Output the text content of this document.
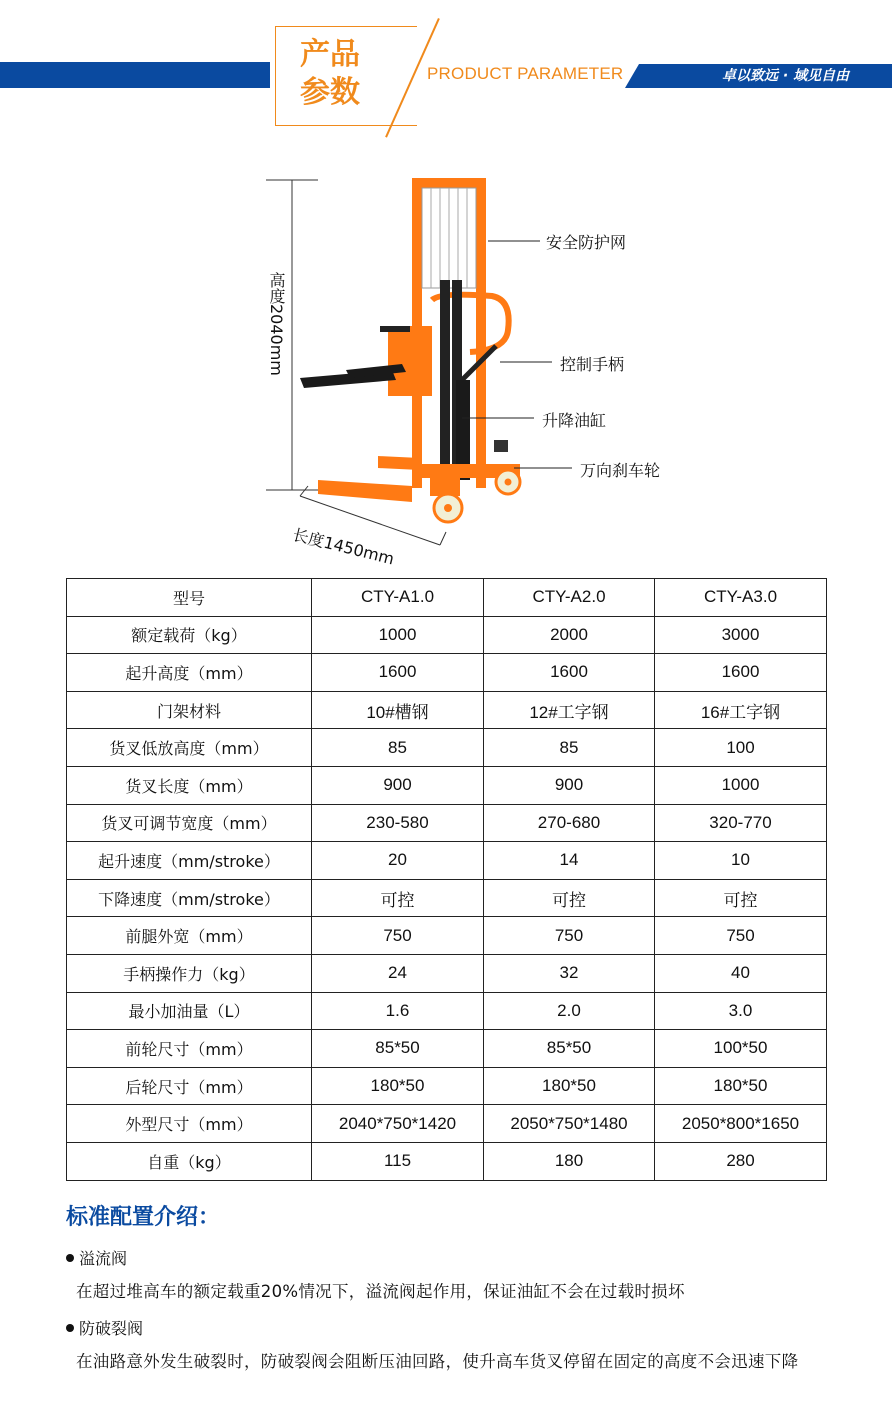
产品
参数
PRODUCT PARAMETER	卓以致远 · 域见自由
高度2040mm
长度1450mm
安全防护网
控制手柄
升降油缸
万向刹车轮
型号	CTY-A1.0	CTY-A2.0	CTY-A3.0
额定载荷（kg）	1000	2000	3000
起升高度（mm）	1600	1600	1600
门架材料	10#槽钢	12#工字钢	16#工字钢
货叉低放高度（mm）	85	85	100
货叉长度（mm）	900	900	1000
货叉可调节宽度（mm）	230-580	270-680	320-770
起升速度（mm/stroke）	20	14	10
下降速度（mm/stroke）	可控	可控	可控
前腿外宽（mm）	750	750	750
手柄操作力（kg）	24	32	40
最小加油量（L）	1.6	2.0	3.0
前轮尺寸（mm）	85*50	85*50	100*50
后轮尺寸（mm）	180*50	180*50	180*50
外型尺寸（mm）	2040*750*1420	2050*750*1480	2050*800*1650
自重（kg）	115	180	280
标准配置介绍：
溢流阀
在超过堆高车的额定载重20%情况下，溢流阀起作用，保证油缸不会在过载时损坏
防破裂阀
在油路意外发生破裂时，防破裂阀会阻断压油回路，使升高车货叉停留在固定的高度不会迅速下降
